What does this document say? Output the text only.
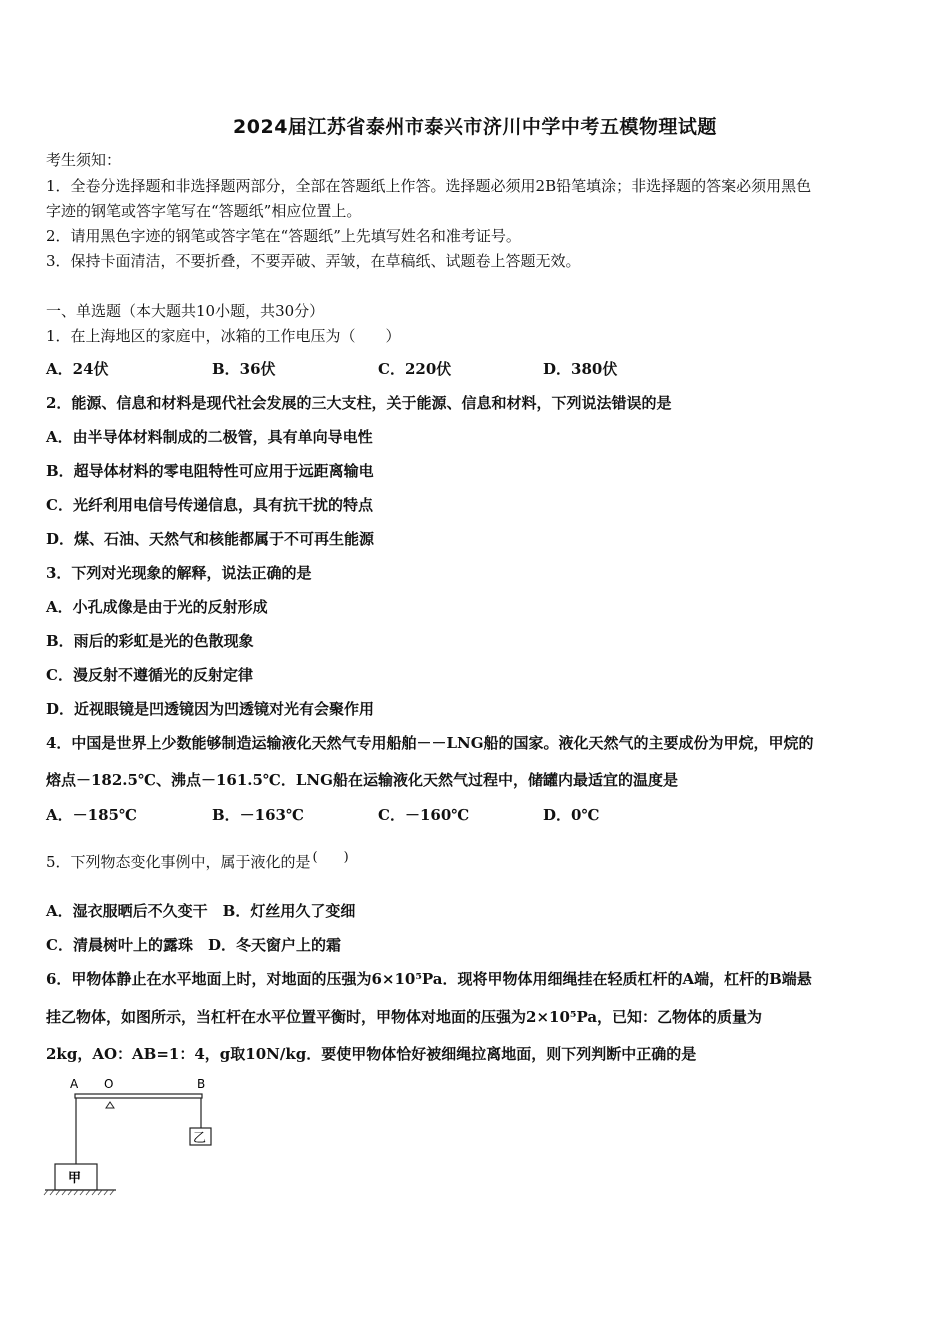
2024届江苏省泰州市泰兴市济川中学中考五模物理试题
考生须知：
1．全卷分选择题和非选择题两部分，全部在答题纸上作答。选择题必须用2B铅笔填涂；非选择题的答案必须用黑色
字迹的钢笔或答字笔写在“答题纸”相应位置上。
2．请用黑色字迹的钢笔或答字笔在“答题纸”上先填写姓名和准考证号。
3．保持卡面清洁，不要折叠，不要弄破、弄皱，在草稿纸、试题卷上答题无效。
一、单选题（本大题共10小题，共30分）
1．在上海地区的家庭中，冰箱的工作电压为（　　）
A．24伏	B．36伏	C．220伏	D．380伏
2．能源、信息和材料是现代社会发展的三大支柱，关于能源、信息和材料，下列说法错误的是
A．由半导体材料制成的二极管，具有单向导电性
B．超导体材料的零电阻特性可应用于远距离输电
C．光纤利用电信号传递信息，具有抗干扰的特点
D．煤、石油、天然气和核能都属于不可再生能源
3．下列对光现象的解释，说法正确的是
A．小孔成像是由于光的反射形成
B．雨后的彩虹是光的色散现象
C．漫反射不遵循光的反射定律
D．近视眼镜是凹透镜因为凹透镜对光有会聚作用
4．中国是世界上少数能够制造运输液化天然气专用船舶－－LNG船的国家。液化天然气的主要成份为甲烷，甲烷的
熔点－182.5℃、沸点－161.5℃．LNG船在运输液化天然气过程中，储罐内最适宜的温度是
A．－185℃	B．－163℃	C．－160℃	D．0℃
5．下列物态变化事例中，属于液化的是 (　　)
A．湿衣服晒后不久变干　B．灯丝用久了变细
C．清晨树叶上的露珠　D．冬天窗户上的霜
6．甲物体静止在水平地面上时，对地面的压强为6×10⁵Pa．现将甲物体用细绳挂在轻质杠杆的A端，杠杆的B端悬
挂乙物体，如图所示，当杠杆在水平位置平衡时，甲物体对地面的压强为2×10⁵Pa，已知：乙物体的质量为
2kg，AO：AB=1：4，g取10N/kg．要使甲物体恰好被细绳拉离地面，则下列判断中正确的是
A O	B
乙
甲
